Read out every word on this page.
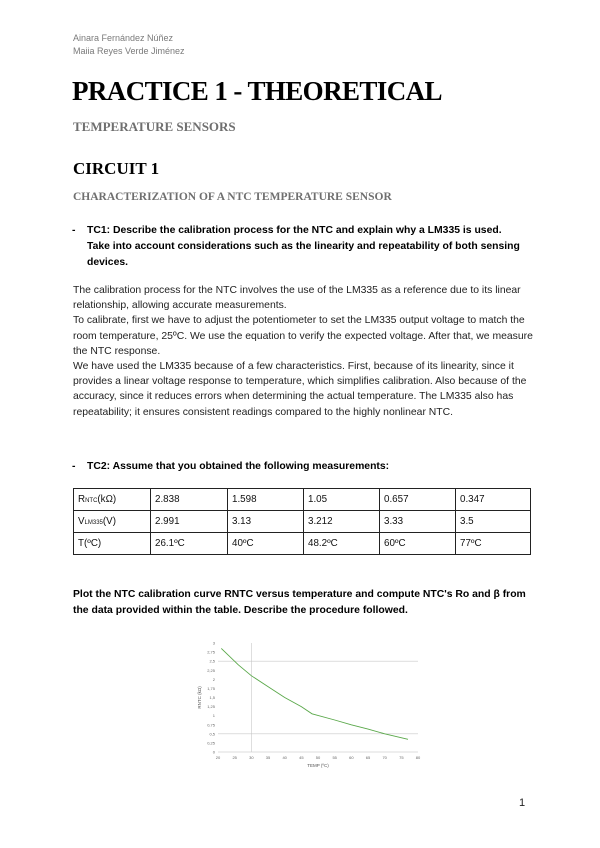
Ainara Fernández Núñez
Maiia Reyes Verde Jiménez
PRACTICE 1 - THEORETICAL
TEMPERATURE SENSORS
CIRCUIT 1
CHARACTERIZATION OF A NTC TEMPERATURE SENSOR
- TC1: Describe the calibration process for the NTC and explain why a LM335 is used. Take into account considerations such as the linearity and repeatability of both sensing devices.

The calibration process for the NTC involves the use of the LM335 as a reference due to its linear relationship, allowing accurate measurements.

To calibrate, first we have to adjust the potentiometer to set the LM335 output voltage to match the room temperature, 25ºC. We use the equation to verify the expected voltage. After that, we measure the NTC response.

We have used the LM335 because of a few characteristics. First, because of its linearity, since it provides a linear voltage response to temperature, which simplifies calibration. Also because of the accuracy, since it reduces errors when determining the actual temperature. The LM335 also has repeatability; it ensures consistent readings compared to the highly nonlinear NTC.

- TC2: Assume that you obtained the following measurements:
RNTC(kΩ)	2.838	1.598	1.05	0.657	0.347
VLM335(V)	2.991	3.13	3.212	3.33	3.5
T(ºC)	26.1ºC	40ºC	48.2ºC	60ºC	77ºC
Plot the NTC calibration curve RNTC versus temperature and compute NTC's Ro and β from the data provided within the table. Describe the procedure followed.
0
0,25
0,5
0,75
1
1,25
1,5
1,75
2
2,25
2,5
2,75
3
20	25	30	35	40	45	50	55	60	65	70	75	80
TEMP (ºC)
RNTC (kΩ)
1
